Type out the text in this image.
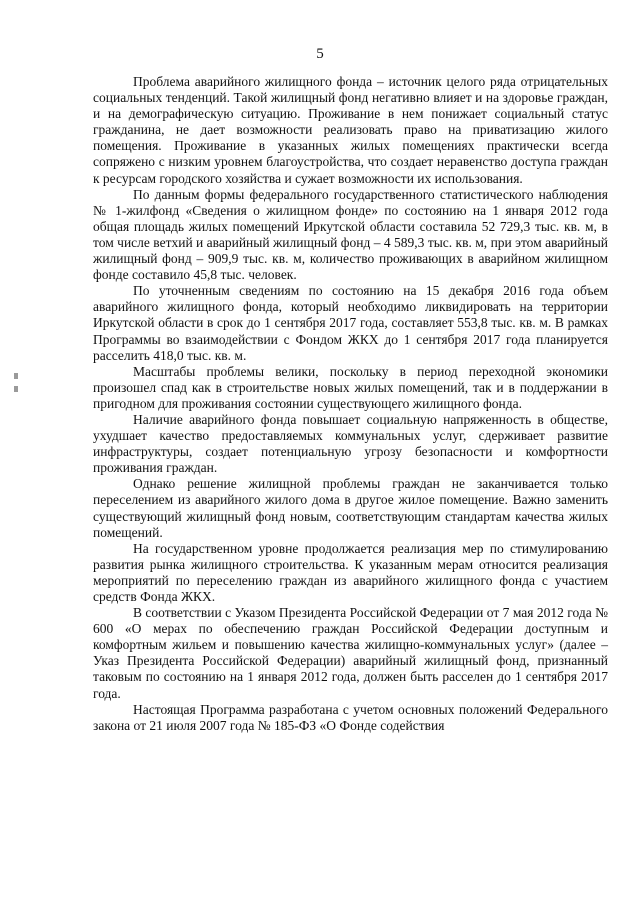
5

Проблема аварийного жилищного фонда – источник целого ряда отрицательных социальных тенденций. Такой жилищный фонд негативно влияет и на здоровье граждан, и на демографическую ситуацию. Проживание в нем понижает социальный статус гражданина, не дает возможности реализовать право на приватизацию жилого помещения. Проживание в указанных жилых помещениях практически всегда сопряжено с низким уровнем благоустройства, что создает неравенство доступа граждан к ресурсам городского хозяйства и сужает возможности их использования.

По данным формы федерального государственного статистического наблюдения № 1-жилфонд «Сведения о жилищном фонде» по состоянию на 1 января 2012 года общая площадь жилых помещений Иркутской области составила 52 729,3 тыс. кв. м, в том числе ветхий и аварийный жилищный фонд – 4 589,3 тыс. кв. м, при этом аварийный жилищный фонд – 909,9 тыс. кв. м, количество проживающих в аварийном жилищном фонде составило 45,8 тыс. человек.

По уточненным сведениям по состоянию на 15 декабря 2016 года объем аварийного жилищного фонда, который необходимо ликвидировать на территории Иркутской области в срок до 1 сентября 2017 года, составляет 553,8 тыс. кв. м. В рамках Программы во взаимодействии с Фондом ЖКХ до 1 сентября 2017 года планируется расселить 418,0 тыс. кв. м.

Масштабы проблемы велики, поскольку в период переходной экономики произошел спад как в строительстве новых жилых помещений, так и в поддержании в пригодном для проживания состоянии существующего жилищного фонда.

Наличие аварийного фонда повышает социальную напряженность в обществе, ухудшает качество предоставляемых коммунальных услуг, сдерживает развитие инфраструктуры, создает потенциальную угрозу безопасности и комфортности проживания граждан.

Однако решение жилищной проблемы граждан не заканчивается только переселением из аварийного жилого дома в другое жилое помещение. Важно заменить существующий жилищный фонд новым, соответствующим стандартам качества жилых помещений.

На государственном уровне продолжается реализация мер по стимулированию развития рынка жилищного строительства. К указанным мерам относится реализация мероприятий по переселению граждан из аварийного жилищного фонда с участием средств Фонда ЖКХ.

В соответствии с Указом Президента Российской Федерации от 7 мая 2012 года № 600 «О мерах по обеспечению граждан Российской Федерации доступным и комфортным жильем и повышению качества жилищно-коммунальных услуг» (далее – Указ Президента Российской Федерации) аварийный жилищный фонд, признанный таковым по состоянию на 1 января 2012 года, должен быть расселен до 1 сентября 2017 года.

Настоящая Программа разработана с учетом основных положений Федерального закона от 21 июля 2007 года № 185-ФЗ «О Фонде содействия
